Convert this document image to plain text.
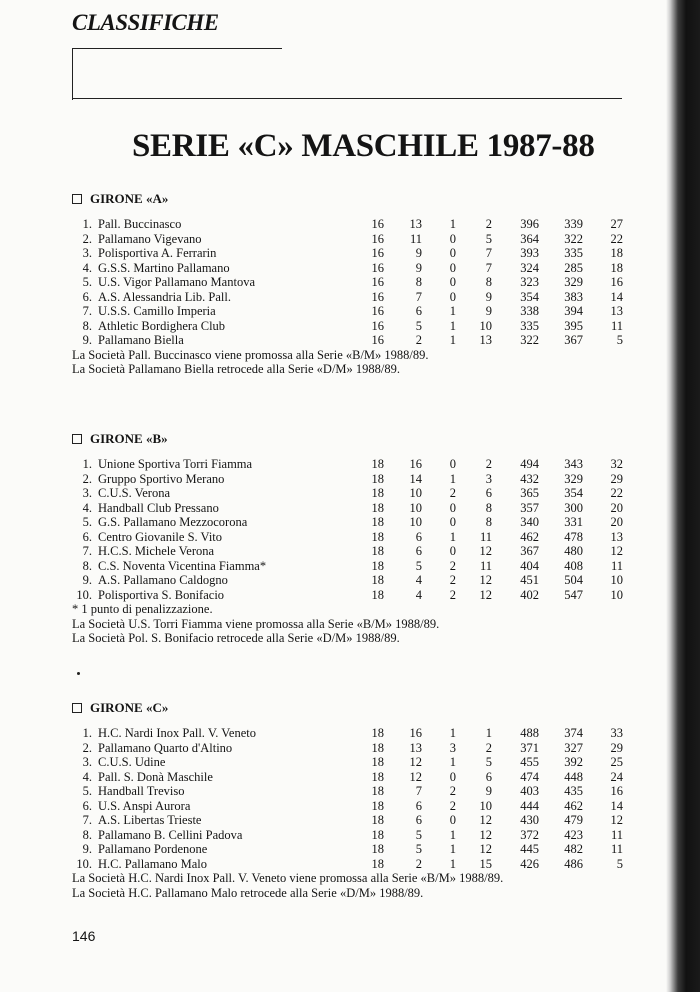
CLASSIFICHE
SERIE «C» MASCHILE 1987-88
GIRONE «A»
1. Pall. Buccinasco	16	13	1	2	396	339	27
2. Pallamano Vigevano	16	11	0	5	364	322	22
3. Polisportiva A. Ferrarin	16	9	0	7	393	335	18
4. G.S.S. Martino Pallamano	16	9	0	7	324	285	18
5. U.S. Vigor Pallamano Mantova	16	8	0	8	323	329	16
6. A.S. Alessandria Lib. Pall.	16	7	0	9	354	383	14
7. U.S.S. Camillo Imperia	16	6	1	9	338	394	13
8. Athletic Bordighera Club	16	5	1	10	335	395	11
9. Pallamano Biella	16	2	1	13	322	367	5
La Società Pall. Buccinasco viene promossa alla Serie «B/M» 1988/89.
La Società Pallamano Biella retrocede alla Serie «D/M» 1988/89.
GIRONE «B»
1. Unione Sportiva Torri Fiamma	18	16	0	2	494	343	32
2. Gruppo Sportivo Merano	18	14	1	3	432	329	29
3. C.U.S. Verona	18	10	2	6	365	354	22
4. Handball Club Pressano	18	10	0	8	357	300	20
5. G.S. Pallamano Mezzocorona	18	10	0	8	340	331	20
6. Centro Giovanile S. Vito	18	6	1	11	462	478	13
7. H.C.S. Michele Verona	18	6	0	12	367	480	12
8. C.S. Noventa Vicentina Fiamma*	18	5	2	11	404	408	11
9. A.S. Pallamano Caldogno	18	4	2	12	451	504	10
10. Polisportiva S. Bonifacio	18	4	2	12	402	547	10
* 1 punto di penalizzazione.
La Società U.S. Torri Fiamma viene promossa alla Serie «B/M» 1988/89.
La Società Pol. S. Bonifacio retrocede alla Serie «D/M» 1988/89.
GIRONE «C»
1. H.C. Nardi Inox Pall. V. Veneto	18	16	1	1	488	374	33
2. Pallamano Quarto d'Altino	18	13	3	2	371	327	29
3. C.U.S. Udine	18	12	1	5	455	392	25
4. Pall. S. Donà Maschile	18	12	0	6	474	448	24
5. Handball Treviso	18	7	2	9	403	435	16
6. U.S. Anspi Aurora	18	6	2	10	444	462	14
7. A.S. Libertas Trieste	18	6	0	12	430	479	12
8. Pallamano B. Cellini Padova	18	5	1	12	372	423	11
9. Pallamano Pordenone	18	5	1	12	445	482	11
10. H.C. Pallamano Malo	18	2	1	15	426	486	5
La Società H.C. Nardi Inox Pall. V. Veneto viene promossa alla Serie «B/M» 1988/89.
La Società H.C. Pallamano Malo retrocede alla Serie «D/M» 1988/89.
146
